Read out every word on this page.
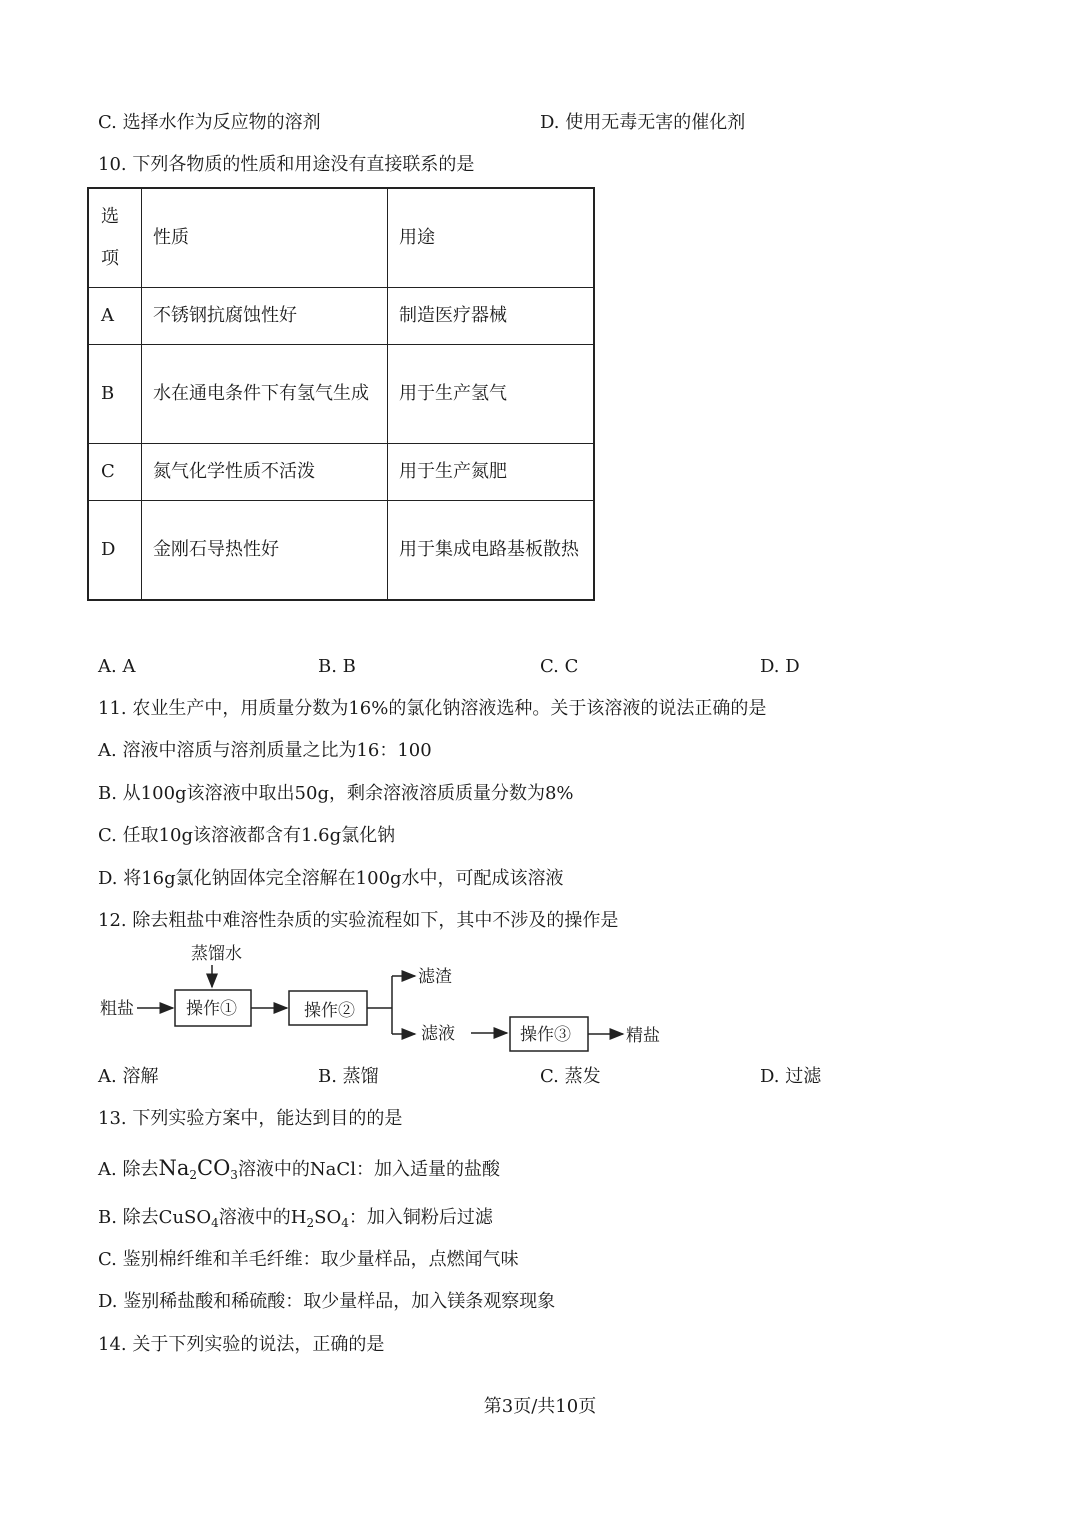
C. 选择水作为反应物的溶剂	D. 使用无毒无害的催化剂
10. 下列各物质的性质和用途没有直接联系的是
选
项	性质	用途
A	不锈钢抗腐蚀性好	制造医疗器械
B	水在通电条件下有氢气生成	用于生产氢气
C	氮气化学性质不活泼	用于生产氮肥
D	金刚石导热性好	用于集成电路基板散热
A. A	B. B	C. C	D. D
11. 农业生产中，用质量分数为16%的氯化钠溶液选种。关于该溶液的说法正确的是
A. 溶液中溶质与溶剂质量之比为16：100
B. 从100g该溶液中取出50g，剩余溶液溶质质量分数为8%
C. 任取10g该溶液都含有1.6g氯化钠
D. 将16g氯化钠固体完全溶解在100g水中，可配成该溶液
12. 除去粗盐中难溶性杂质的实验流程如下，其中不涉及的操作是
蒸馏水
粗盐	操作①	操作②
滤渣
滤液	操作③	精盐
A. 溶解	B. 蒸馏	C. 蒸发	D. 过滤
13. 下列实验方案中，能达到目的的是
A. 除去$Na_2CO_3$溶液中的NaCl：加入适量的盐酸
B. 除去CuSO$_4$溶液中的$H_2SO_4$：加入铜粉后过滤
C. 鉴别棉纤维和羊毛纤维：取少量样品，点燃闻气味
D. 鉴别稀盐酸和稀硫酸：取少量样品，加入镁条观察现象
14. 关于下列实验的说法，正确的是
第3页/共10页
